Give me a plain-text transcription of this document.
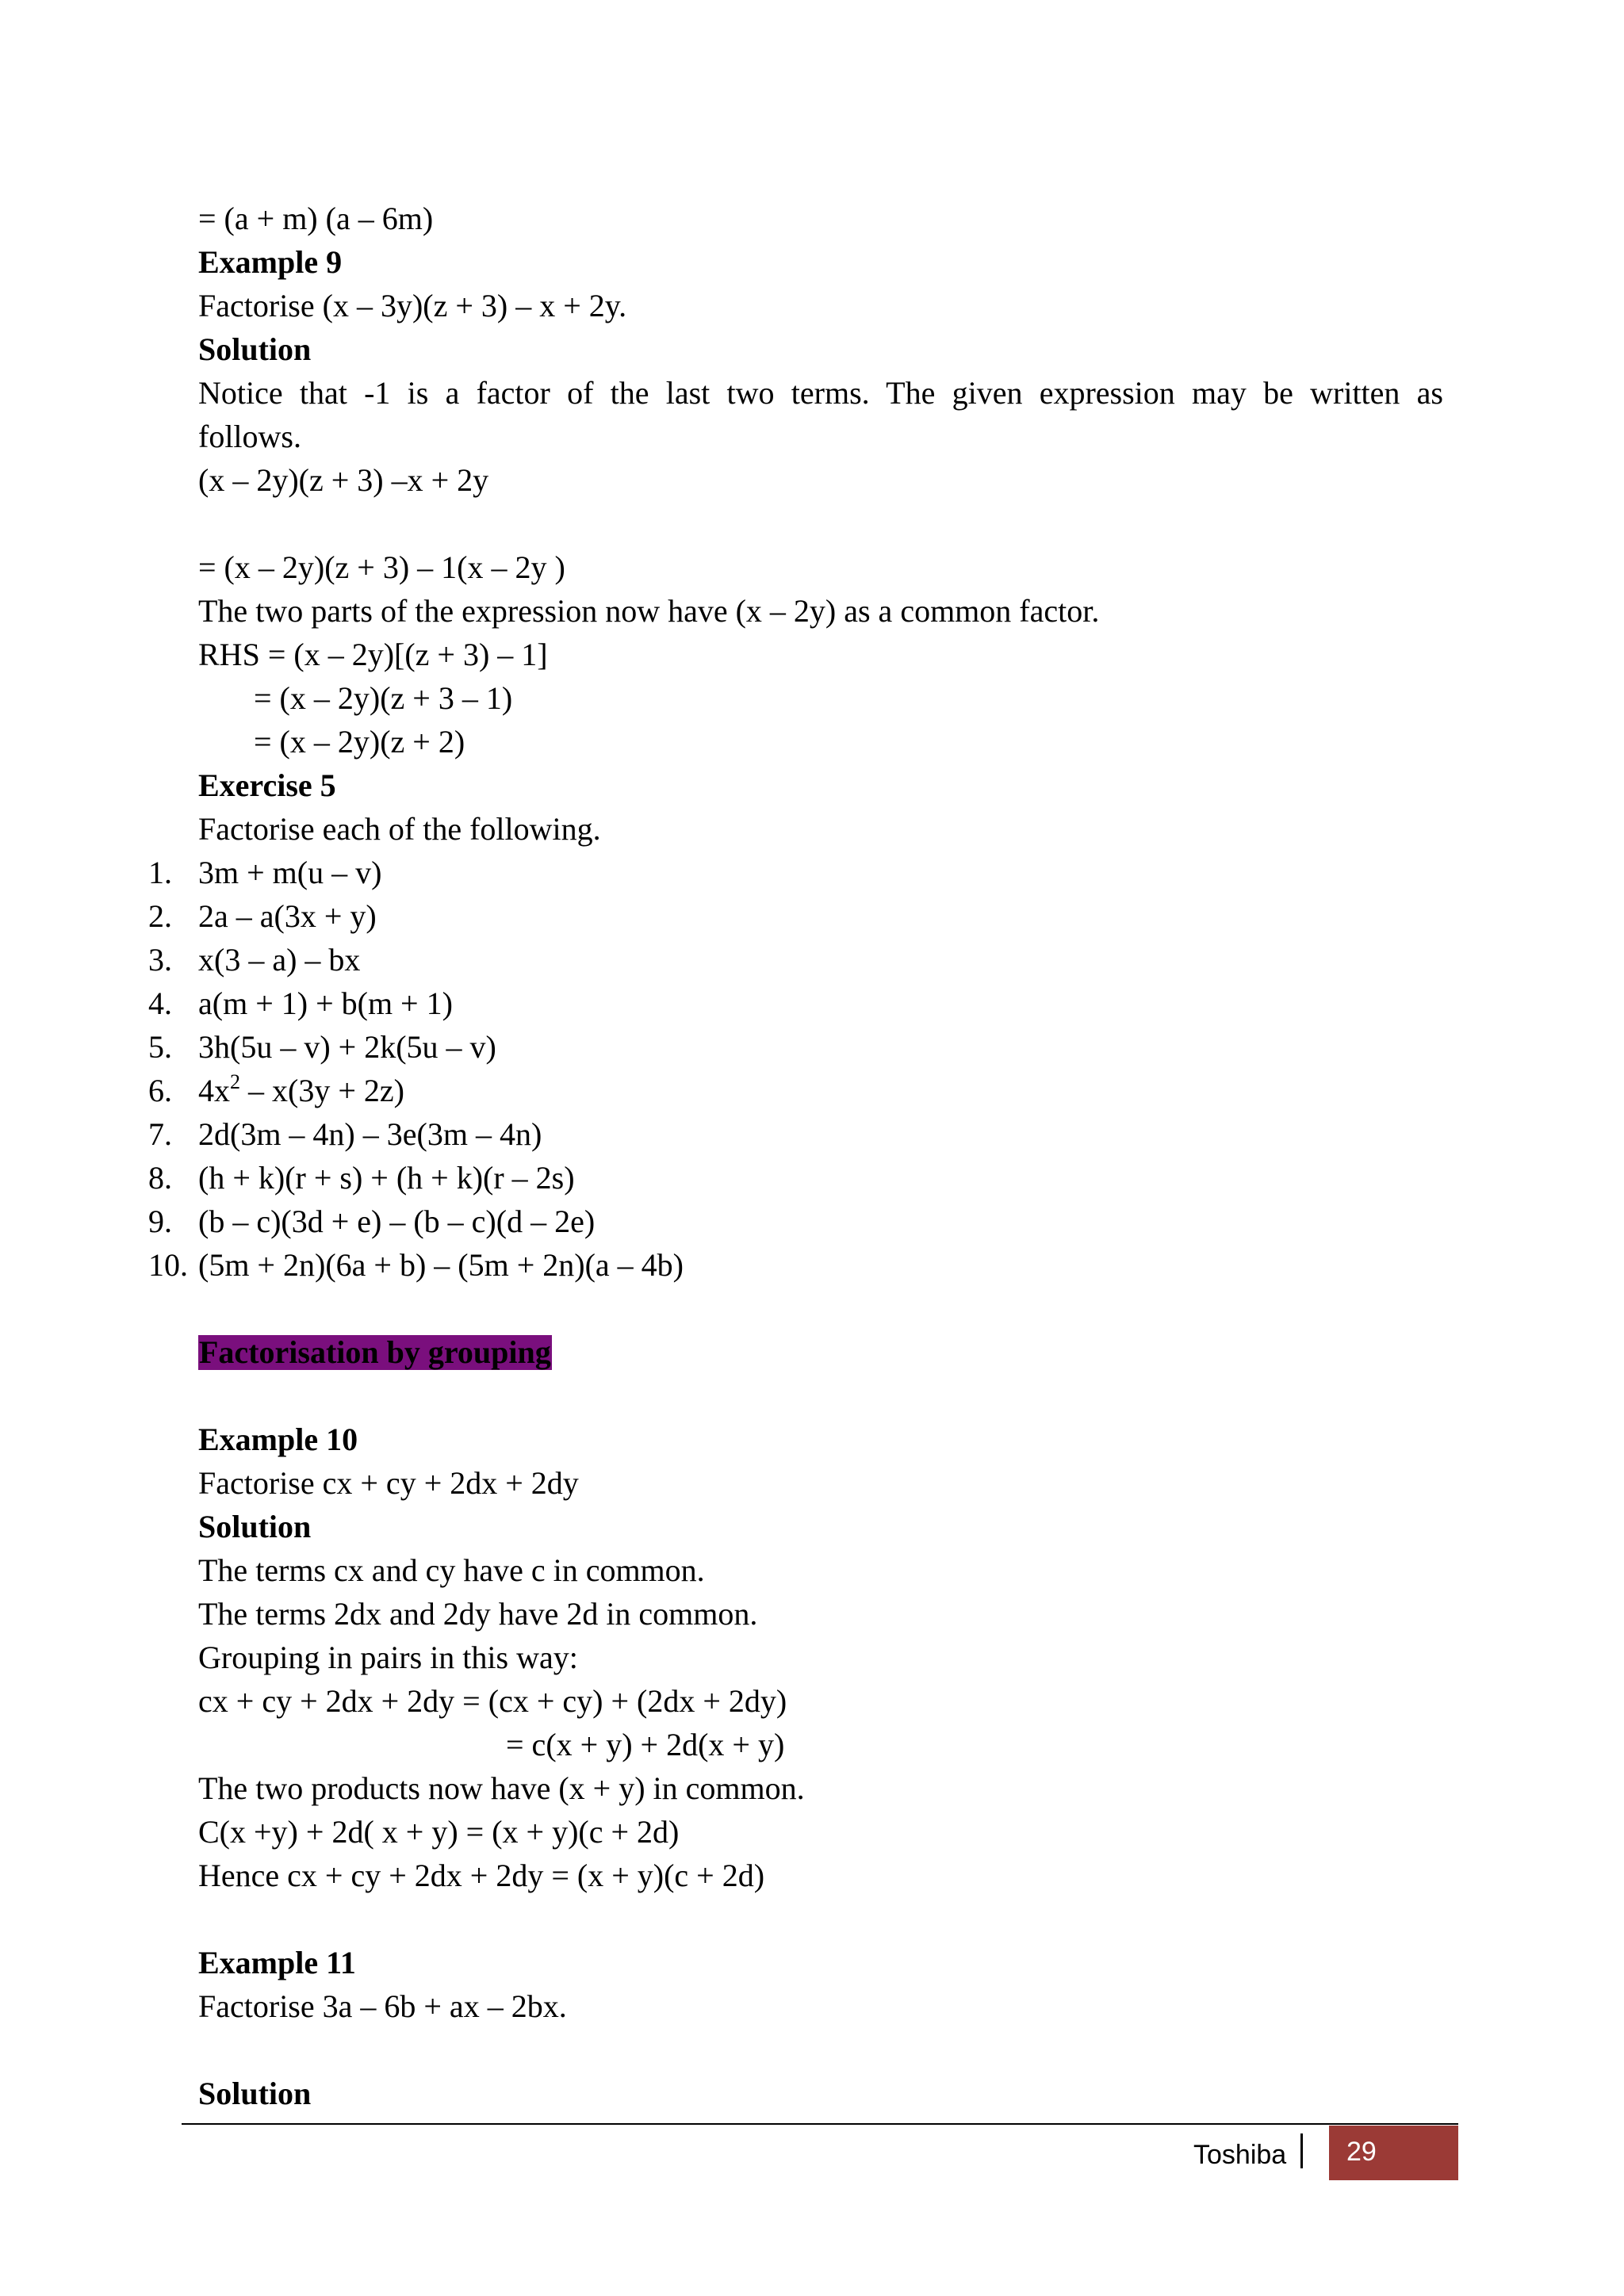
= (a + m) (a – 6m)
Example 9
Factorise (x – 3y)(z + 3) – x + 2y.
Solution
Notice that -1 is a factor of the last two terms. The given expression may be written as
follows.
(x – 2y)(z + 3) –x + 2y
= (x – 2y)(z + 3) – 1(x – 2y )
The two parts of the expression now have (x – 2y) as a common factor.
RHS = (x – 2y)[(z + 3) – 1]
= (x – 2y)(z + 3 – 1)
= (x – 2y)(z + 2)
Exercise 5
Factorise each of the following.
1. 3m + m(u – v)
2. 2a – a(3x + y)
3. x(3 – a) – bx
4. a(m + 1) + b(m + 1)
5. 3h(5u – v) + 2k(5u – v)
6. $4x^2 - x(3y + 2z)$
7. 2d(3m – 4n) – 3e(3m – 4n)
8. (h + k)(r + s) + (h + k)(r – 2s)
9. (b – c)(3d + e) – (b – c)(d – 2e)
10. (5m + 2n)(6a + b) – (5m + 2n)(a – 4b)
Factorisation by grouping
Example 10
Factorise cx + cy + 2dx + 2dy
Solution
The terms cx and cy have c in common.
The terms 2dx and 2dy have 2d in common.
Grouping in pairs in this way:
cx + cy + 2dx + 2dy = (cx + cy) + (2dx + 2dy)
= c(x + y) + 2d(x + y)
The two products now have (x + y) in common.
C(x +y) + 2d( x + y) = (x + y)(c + 2d)
Hence cx + cy + 2dx + 2dy = (x + y)(c + 2d)
Example 11
Factorise 3a – 6b + ax – 2bx.
Solution
Toshiba 29
